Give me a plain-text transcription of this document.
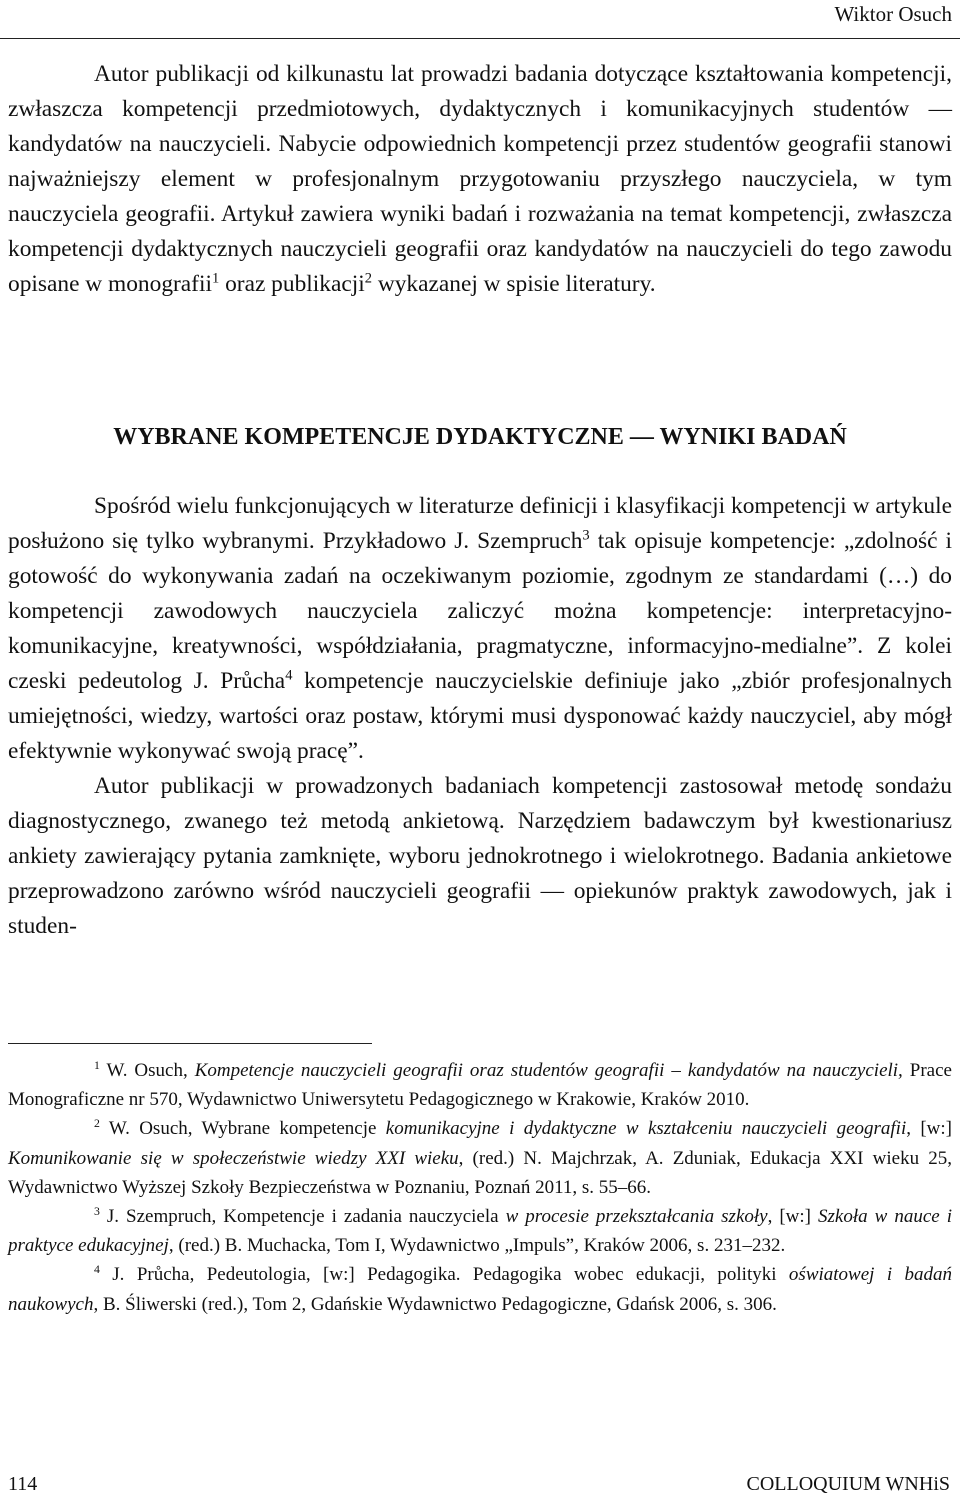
Wiktor Osuch

Autor publikacji od kilkunastu lat prowadzi badania dotyczące kształtowania kompetencji, zwłaszcza kompetencji przedmiotowych, dydaktycznych i komunikacyjnych studentów — kandydatów na nauczycieli. Nabycie odpowiednich kompetencji przez studentów geografii stanowi najważniejszy element w profesjonalnym przygotowaniu przyszłego nauczyciela, w tym nauczyciela geografii. Artykuł zawiera wyniki badań i rozważania na temat kompetencji, zwłaszcza kompetencji dydaktycznych nauczycieli geografii oraz kandydatów na nauczycieli do tego zawodu opisane w monografii$^1$ oraz publikacji$^2$ wykazanej w spisie literatury.

WYBRANE KOMPETENCJE DYDAKTYCZNE — WYNIKI BADAŃ

Spośród wielu funkcjonujących w literaturze definicji i klasyfikacji kompetencji w artykule posłużono się tylko wybranymi. Przykładowo J. Szempruch$^3$ tak opisuje kompetencje: „zdolność i gotowość do wykonywania zadań na oczekiwanym poziomie, zgodnym ze standardami (…) do kompetencji zawodowych nauczyciela zaliczyć można kompetencje: interpretacyjno-komunikacyjne, kreatywności, współdziałania, pragmatyczne, informacyjno-medialne”. Z kolei czeski pedeutolog J. Průcha$^4$ kompetencje nauczycielskie definiuje jako „zbiór profesjonalnych umiejętności, wiedzy, wartości oraz postaw, którymi musi dysponować każdy nauczyciel, aby mógł efektywnie wykonywać swoją pracę”.

Autor publikacji w prowadzonych badaniach kompetencji zastosował metodę sondażu diagnostycznego, zwanego też metodą ankietową. Narzędziem badawczym był kwestionariusz ankiety zawierający pytania zamknięte, wyboru jednokrotnego i wielokrotnego. Badania ankietowe przeprowadzono zarówno wśród nauczycieli geografii — opiekunów praktyk zawodowych, jak i studen-

$^1$ W. Osuch, Kompetencje nauczycieli geografii oraz studentów geografii – kandydatów na nauczycieli, Prace Monograficzne nr 570, Wydawnictwo Uniwersytetu Pedagogicznego w Krakowie, Kraków 2010.

$^2$ W. Osuch, Wybrane kompetencje komunikacyjne i dydaktyczne w kształceniu nauczycieli geografii, [w:] Komunikowanie się w społeczeństwie wiedzy XXI wieku, (red.) N. Majchrzak, A. Zduniak, Edukacja XXI wieku 25, Wydawnictwo Wyższej Szkoły Bezpieczeństwa w Poznaniu, Poznań 2011, s. 55–66.

$^3$ J. Szempruch, Kompetencje i zadania nauczyciela w procesie przekształcania szkoły, [w:] Szkoła w nauce i praktyce edukacyjnej, (red.) B. Muchacka, Tom I, Wydawnictwo „Impuls”, Kraków 2006, s. 231–232.

$^4$ J. Průcha, Pedeutologia, [w:] Pedagogika. Pedagogika wobec edukacji, polityki oświatowej i badań naukowych, B. Śliwerski (red.), Tom 2, Gdańskie Wydawnictwo Pedagogiczne, Gdańsk 2006, s. 306.

114	COLLOQUIUM WNHiS
